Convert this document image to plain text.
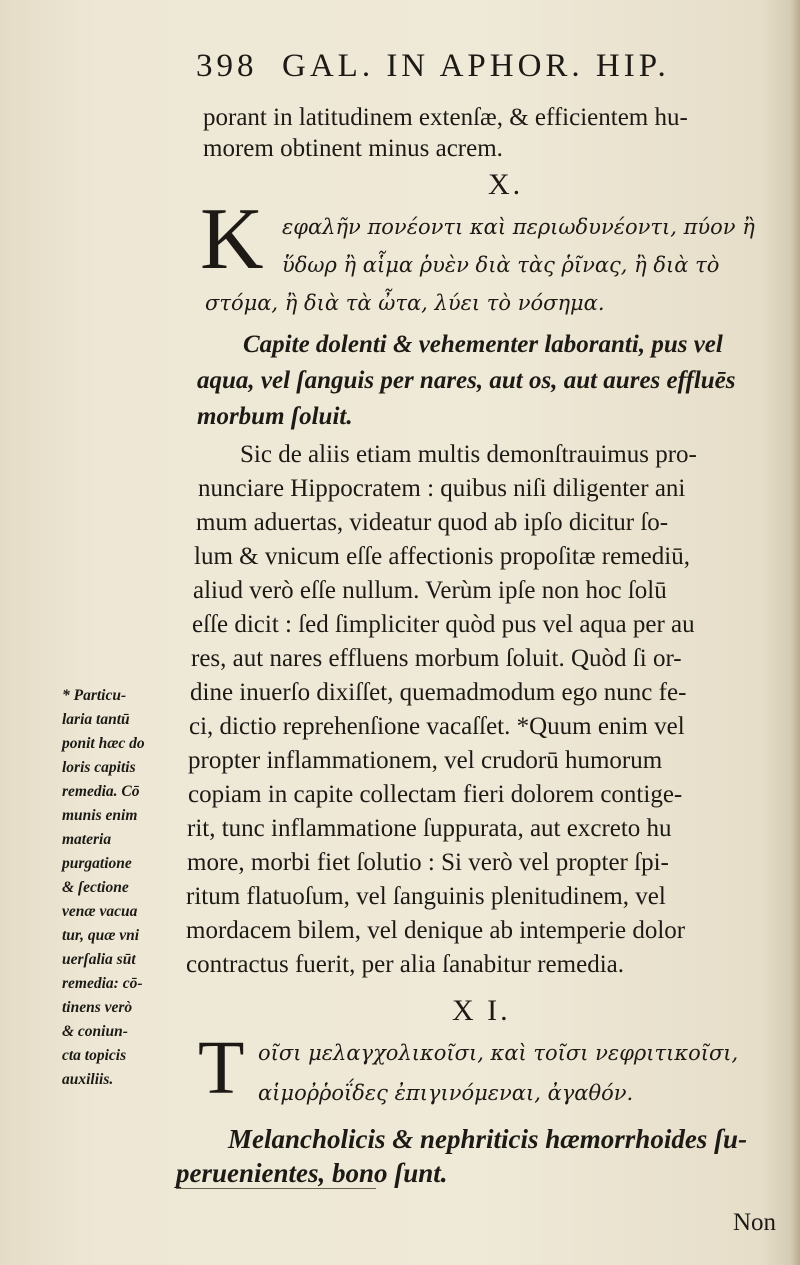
398 GAL. IN APHOR. HIP.

porant in latitudinem extenſæ, & efficientem hu-

morem obtinent minus acrem.

X.
K εφαλῆν πονέοντι καὶ περιωδυνέοντι, πύον ἢ

ὕδωρ ἢ αἷμα ῥυὲν διὰ τὰς ῥῖνας, ἢ διὰ τὸ

στόμα, ἢ διὰ τὰ ὦτα, λύει τὸ νόσημα.

Capite dolenti & vehementer laboranti, pus vel

aqua, vel ſanguis per nares, aut os, aut aures effluēs

morbum ſoluit.

Sic de aliis etiam multis demonſtrauimus pro-

nunciare Hippocratem : quibus niſi diligenter ani

mum aduertas, videatur quod ab ipſo dicitur ſo-

lum & vnicum eſſe affectionis propoſitæ remediū,

aliud verò eſſe nullum. Verùm ipſe non hoc ſolū

eſſe dicit : ſed ſimpliciter quòd pus vel aqua per au

res, aut nares effluens morbum ſoluit. Quòd ſi or-

dine inuerſo dixiſſet, quemadmodum ego nunc fe-

ci, dictio reprehenſione vacaſſet. *Quum enim vel

propter inflammationem, vel crudorū humorum

copiam in capite collectam fieri dolorem contige-

rit, tunc inflammatione ſuppurata, aut excreto hu

more, morbi fiet ſolutio : Si verò vel propter ſpi-

ritum flatuoſum, vel ſanguinis plenitudinem, vel

mordacem bilem, vel denique ab intemperie dolor

contractus fuerit, per alia ſanabitur remedia.

* Particu-
laria tantū
ponit hæc do
loris capitis
remedia. Cō
munis enim
materia
purgatione
& ſectione
venæ vacua
tur, quæ vni
uerſalia sūt
remedia: cō-
tinens verò
& coniun-
cta topicis
auxiliis.
X I.
T οῖσι μελαγχολικοῖσι, καὶ τοῖσι νεφριτικοῖσι,

αἱμοῤῥοΐδες ἐπιγινόμεναι, ἀγαθόν.

Melancholicis & nephriticis hæmorrhoides ſu-

peruenientes, bono ſunt.

Non
